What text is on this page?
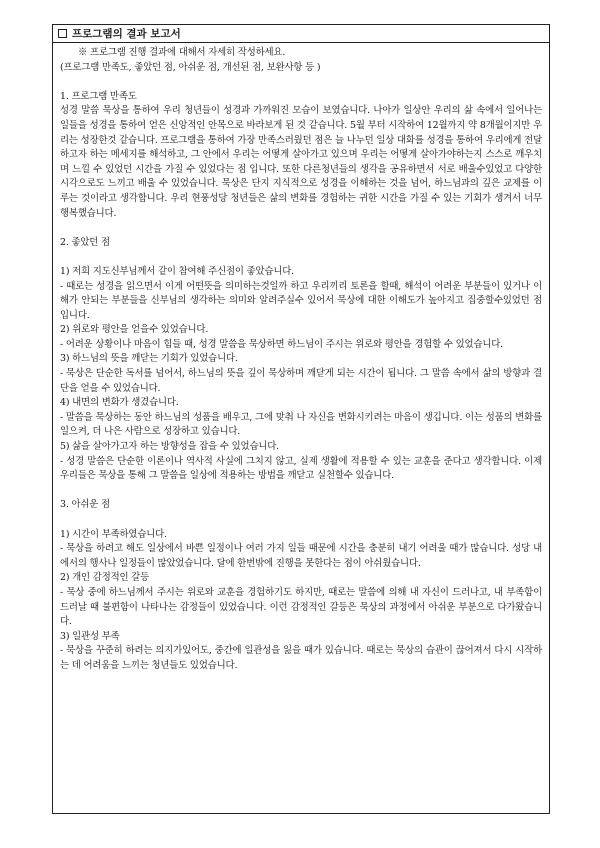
프로그램의 결과 보고서

※ 프로그램 진행 결과에 대해서 자세히 작성하세요.

(프로그램 만족도, 좋았던 점, 아쉬운 점, 개선된 점, 보완사항 등 )

1. 프로그램 만족도

성경 말씀 묵상을 통하여 우리 청년들이 성경과 가까워진 모습이 보였습니다. 나아가 일상안 우리의 삶 속에서 일어나는 일들을 성경을 통하여 얻은 신앙적인 안목으로 바라보게 된 것 같습니다. 5월 부터 시작하여 12월까지 약 8개월이지만 우리는 성장한것 같습니다. 프로그램을 통하여 가장 만족스러웠던 점은 늘 나누던 일상 대화를 성경을 통하여 우리에게 전달하고자 하는 메세지를 해석하고, 그 안에서 우리는 어떻게 살아가고 있으며 우리는 어떻게 살아가야하는지 스스로 깨우치며 느낄 수 있었던 시간을 가질 수 있었다는 점 입니다. 또한 다른청년들의 생각을 공유하면서 서로 배울수있었고 다양한 시각으로도 느끼고 배울 수 있었습니다. 묵상은 단지 지식적으로 성경을 이해하는 것을 넘어, 하느님과의 깊은 교제를 이루는 것이라고 생각합니다. 우리 현풍성당 청년들은 삶의 변화를 경험하는 귀한 시간을 가질 수 있는 기회가 생겨서 너무 행복했습니다.

2. 좋았던 점

1) 저희 지도신부님께서 같이 참여해 주신점이 좋았습니다.

- 때로는 성경을 읽으면서 이게 어떤뜻을 의미하는것일까 하고 우리끼리 토론을 할때, 해석이 어려운 부분들이 있거나 이해가 안되는 부분들을 신부님의 생각하는 의미와 알려주실수 있어서 묵상에 대한 이해도가 높아지고 집중할수있었던 점 입니다.

2) 위로와 평안을 얻을수 있었습니다.

- 어려운 상황이나 마음이 힘들 때, 성경 말씀을 묵상하면 하느님이 주시는 위로와 평안을 경험할 수 있었습니다.

3) 하느님의 뜻을 깨닫는 기회가 있었습니다.

- 묵상은 단순한 독서를 넘어서, 하느님의 뜻을 깊이 묵상하며 깨닫게 되는 시간이 됩니다. 그 말씀 속에서 삶의 방향과 결단을 얻을 수 있었습니다.

4) 내면의 변화가 생겼습니다.

- 말씀을 묵상하는 동안 하느님의 성품을 배우고, 그에 맞춰 나 자신을 변화시키려는 마음이 생깁니다. 이는 성품의 변화를 일으켜, 더 나은 사람으로 성장하고 있습니다.

5) 삶을 살아가고자 하는 방향성을 잡을 수 있었습니다.

- 성경 말씀은 단순한 이론이나 역사적 사실에 그치지 않고, 실제 생활에 적용할 수 있는 교훈을 준다고 생각합니다. 이제 우리들은 묵상을 통해 그 말씀을 일상에 적용하는 방법을 깨닫고 실천할수 있습니다.

3. 아쉬운 점

1) 시간이 부족하였습니다.

- 묵상을 하려고 해도 일상에서 바쁜 일정이나 여러 가지 일들 때문에 시간을 충분히 내기 어려울 때가 많습니다. 성당 내에서의 행사나 일정들이 많았었습니다. 달에 한번밖에 진행을 못한다는 점이 아쉬웠습니다.

2) 개인 감정적인 갈등

- 묵상 중에 하느님께서 주시는 위로와 교훈을 경험하기도 하지만, 때로는 말씀에 의해 내 자신이 드러나고, 내 부족함이 드러날 때 불편함이 나타나는 감정들이 있었습니다. 이런 감정적인 갈등은 묵상의 과정에서 아쉬운 부분으로 다가왔습니다.

3) 일관성 부족

- 묵상을 꾸준히 하려는 의지가있어도, 중간에 일관성을 잃을 때가 있습니다. 때로는 묵상의 습관이 끊어져서 다시 시작하는 데 어려움을 느끼는 청년들도 있었습니다.
